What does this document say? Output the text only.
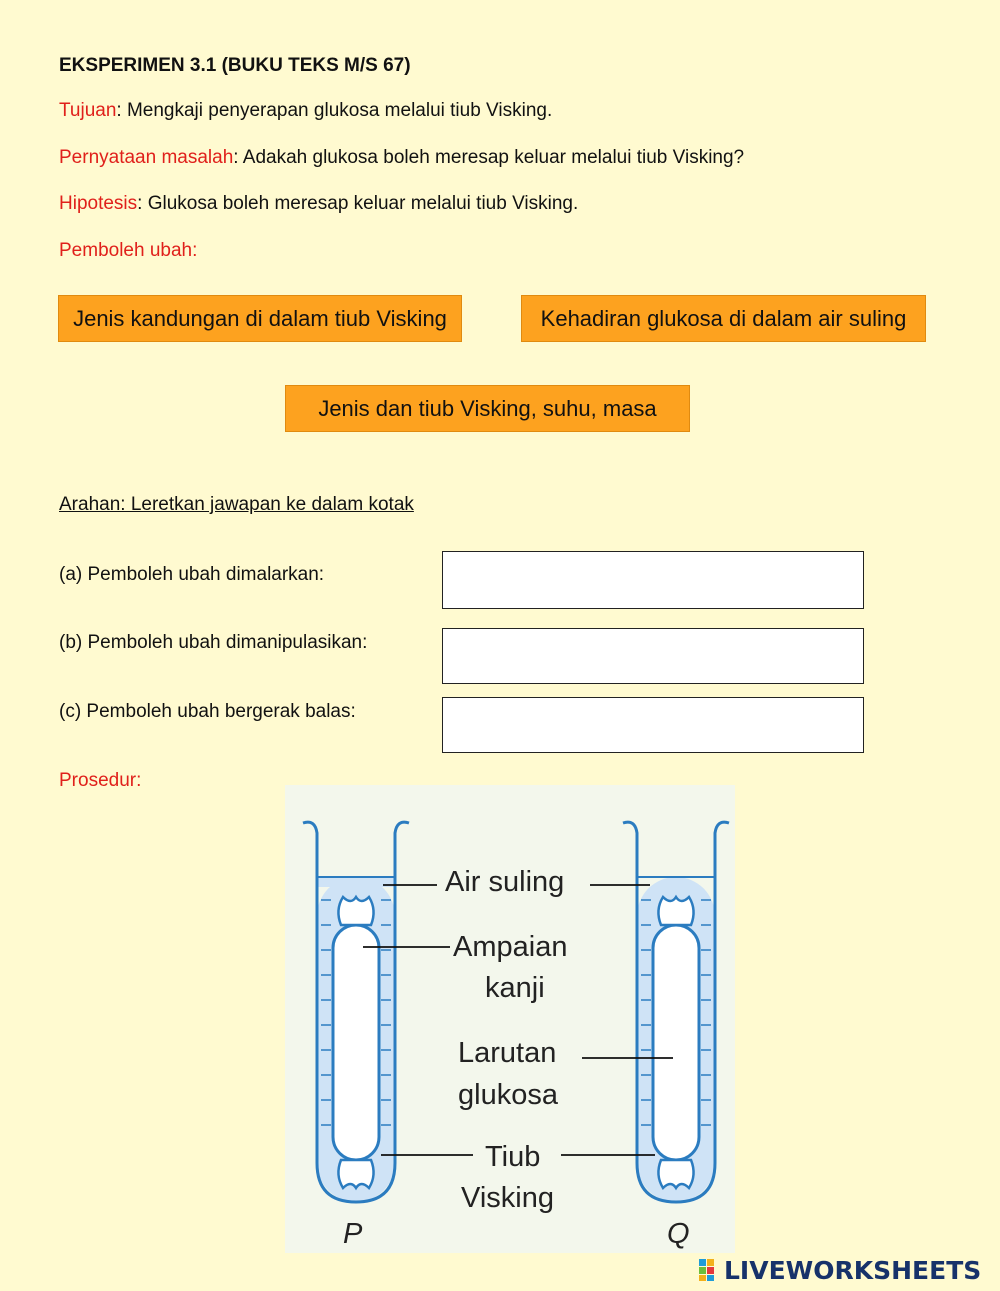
EKSPERIMEN 3.1 (BUKU TEKS M/S 67)
Tujuan: Mengkaji penyerapan glukosa melalui tiub Visking.
Pernyataan masalah: Adakah glukosa boleh meresap keluar melalui tiub Visking?
Hipotesis: Glukosa boleh meresap keluar melalui tiub Visking.
Pemboleh ubah:
Jenis kandungan di dalam tiub Visking	Kehadiran glukosa di dalam air suling
Jenis dan tiub Visking, suhu, masa
Arahan: Leretkan jawapan ke dalam kotak
(a) Pemboleh ubah dimalarkan:
(b) Pemboleh ubah dimanipulasikan:
(c) Pemboleh ubah bergerak balas:
Prosedur:
Air suling
Ampaian
kanji
Larutan
glukosa
Tiub
Visking
P	Q
LIVEWORKSHEETS
